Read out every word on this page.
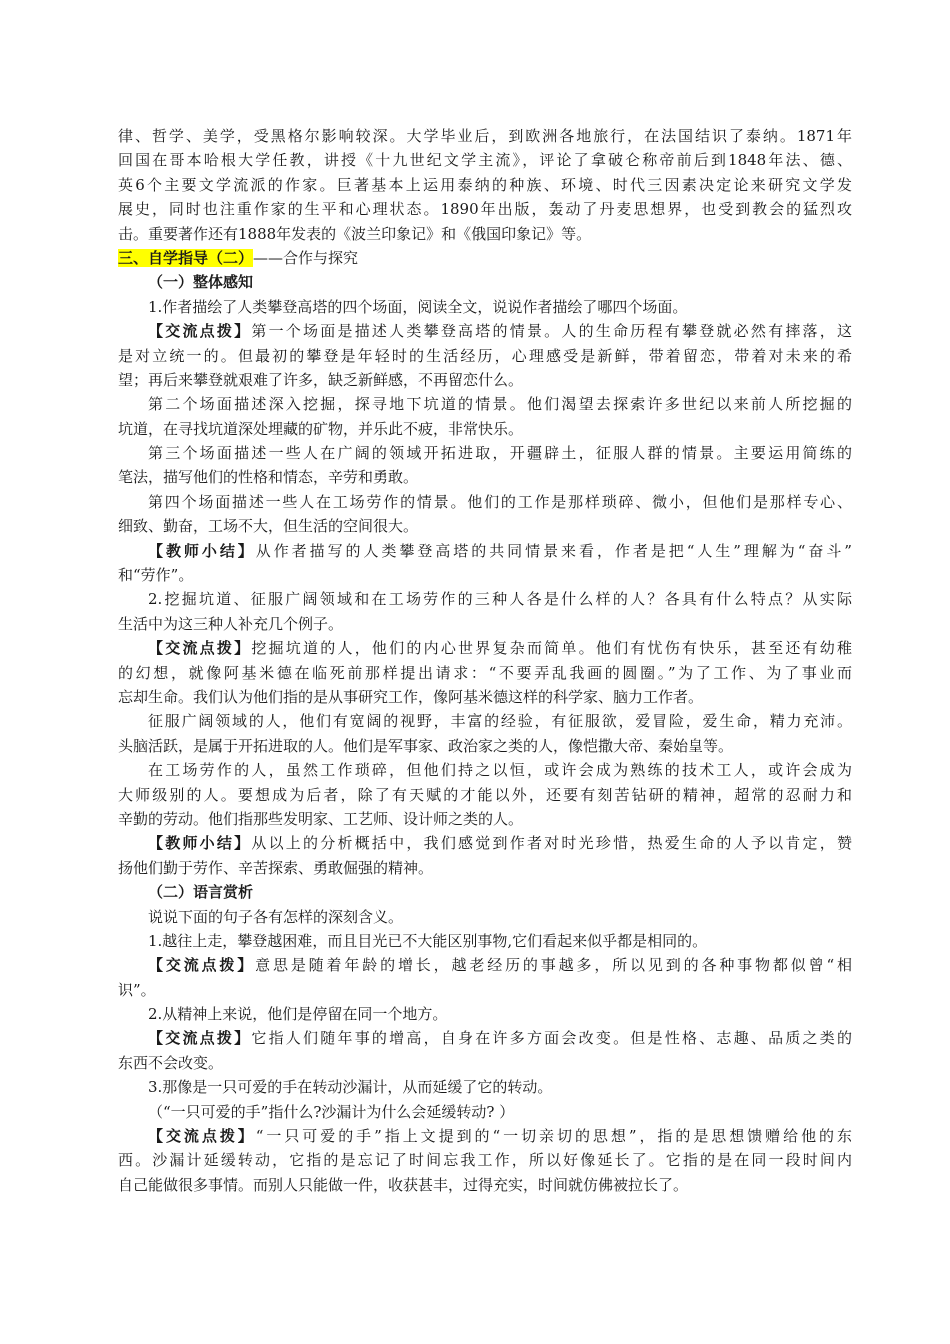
律、哲学、美学，受黑格尔影响较深。大学毕业后，到欧洲各地旅行，在法国结识了泰纳。1871年
回国在哥本哈根大学任教，讲授《十九世纪文学主流》，评论了拿破仑称帝前后到1848年法、德、
英6个主要文学流派的作家。巨著基本上运用泰纳的种族、环境、时代三因素决定论来研究文学发
展史，同时也注重作家的生平和心理状态。1890年出版，轰动了丹麦思想界，也受到教会的猛烈攻
击。重要著作还有1888年发表的《波兰印象记》和《俄国印象记》等。
三、自学指导（二）——合作与探究
（一）整体感知
1.作者描绘了人类攀登高塔的四个场面，阅读全文，说说作者描绘了哪四个场面。
【交流点拨】第一个场面是描述人类攀登高塔的情景。人的生命历程有攀登就必然有摔落，这
是对立统一的。但最初的攀登是年轻时的生活经历，心理感受是新鲜，带着留恋，带着对未来的希
望；再后来攀登就艰难了许多，缺乏新鲜感，不再留恋什么。
第二个场面描述深入挖掘，探寻地下坑道的情景。他们渴望去探索许多世纪以来前人所挖掘的
坑道，在寻找坑道深处埋藏的矿物，并乐此不疲，非常快乐。
第三个场面描述一些人在广阔的领域开拓进取，开疆辟土，征服人群的情景。主要运用简练的
笔法，描写他们的性格和情态，辛劳和勇敢。
第四个场面描述一些人在工场劳作的情景。他们的工作是那样琐碎、微小，但他们是那样专心、
细致、勤奋，工场不大，但生活的空间很大。
【教师小结】从作者描写的人类攀登高塔的共同情景来看，作者是把“人生”理解为“奋斗”
和“劳作”。
2.挖掘坑道、征服广阔领域和在工场劳作的三种人各是什么样的人？各具有什么特点？从实际
生活中为这三种人补充几个例子。
【交流点拨】挖掘坑道的人，他们的内心世界复杂而简单。他们有忧伤有快乐，甚至还有幼稚
的幻想，就像阿基米德在临死前那样提出请求：“不要弄乱我画的圆圈。”为了工作、为了事业而
忘却生命。我们认为他们指的是从事研究工作，像阿基米德这样的科学家、脑力工作者。
征服广阔领域的人，他们有宽阔的视野，丰富的经验，有征服欲，爱冒险，爱生命，精力充沛。
头脑活跃，是属于开拓进取的人。他们是军事家、政治家之类的人，像恺撒大帝、秦始皇等。
在工场劳作的人，虽然工作琐碎，但他们持之以恒，或许会成为熟练的技术工人，或许会成为
大师级别的人。要想成为后者，除了有天赋的才能以外，还要有刻苦钻研的精神，超常的忍耐力和
辛勤的劳动。他们指那些发明家、工艺师、设计师之类的人。
【教师小结】从以上的分析概括中，我们感觉到作者对时光珍惜，热爱生命的人予以肯定，赞
扬他们勤于劳作、辛苦探索、勇敢倔强的精神。
（二）语言赏析
说说下面的句子各有怎样的深刻含义。
1.越往上走，攀登越困难，而且目光已不大能区别事物,它们看起来似乎都是相同的。
【交流点拨】意思是随着年龄的增长，越老经历的事越多，所以见到的各种事物都似曾“相
识”。
2.从精神上来说，他们是停留在同一个地方。
【交流点拨】它指人们随年事的增高，自身在许多方面会改变。但是性格、志趣、品质之类的
东西不会改变。
3.那像是一只可爱的手在转动沙漏计，从而延缓了它的转动。
（“一只可爱的手”指什么?沙漏计为什么会延缓转动? ）
【交流点拨】“一只可爱的手”指上文提到的“一切亲切的思想”，指的是思想馈赠给他的东
西。沙漏计延缓转动，它指的是忘记了时间忘我工作，所以好像延长了。它指的是在同一段时间内
自己能做很多事情。而别人只能做一件，收获甚丰，过得充实，时间就仿佛被拉长了。
